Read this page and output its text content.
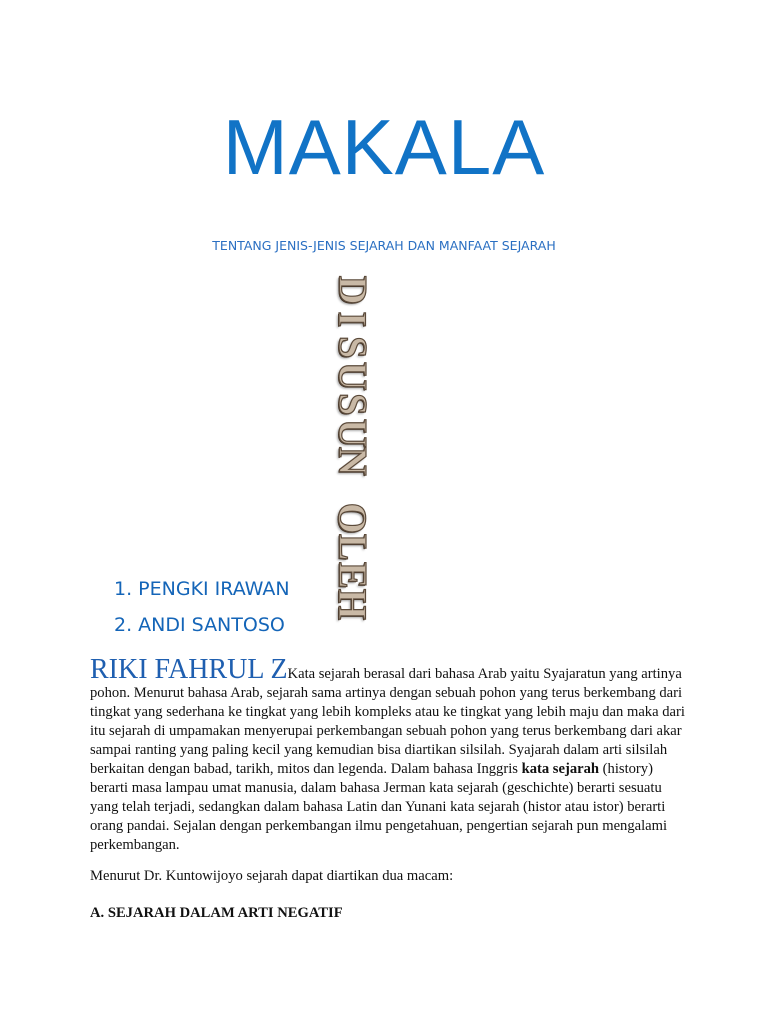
MAKALA
TENTANG JENIS-JENIS SEJARAH DAN MANFAAT SEJARAH
D
I
S
U
S
U
N
O
L
E
H
1. PENGKI IRAWAN
2. ANDI SANTOSO
RIKI FAHRUL ZKata sejarah berasal dari bahasa Arab yaitu Syajaratun yang artinya pohon. Menurut bahasa Arab, sejarah sama artinya dengan sebuah pohon yang terus berkembang dari tingkat yang sederhana ke tingkat yang lebih kompleks atau ke tingkat yang lebih maju dan maka dari itu sejarah di umpamakan menyerupai perkembangan sebuah pohon yang terus berkembang dari akar sampai ranting yang paling kecil yang kemudian bisa diartikan silsilah. Syajarah dalam arti silsilah berkaitan dengan babad, tarikh, mitos dan legenda. Dalam bahasa Inggris kata sejarah (history) berarti masa lampau umat manusia, dalam bahasa Jerman kata sejarah (geschichte) berarti sesuatu yang telah terjadi, sedangkan dalam bahasa Latin dan Yunani kata sejarah (histor atau istor) berarti orang pandai. Sejalan dengan perkembangan ilmu pengetahuan, pengertian sejarah pun mengalami perkembangan.
Menurut Dr. Kuntowijoyo sejarah dapat diartikan dua macam:
A. SEJARAH DALAM ARTI NEGATIF
